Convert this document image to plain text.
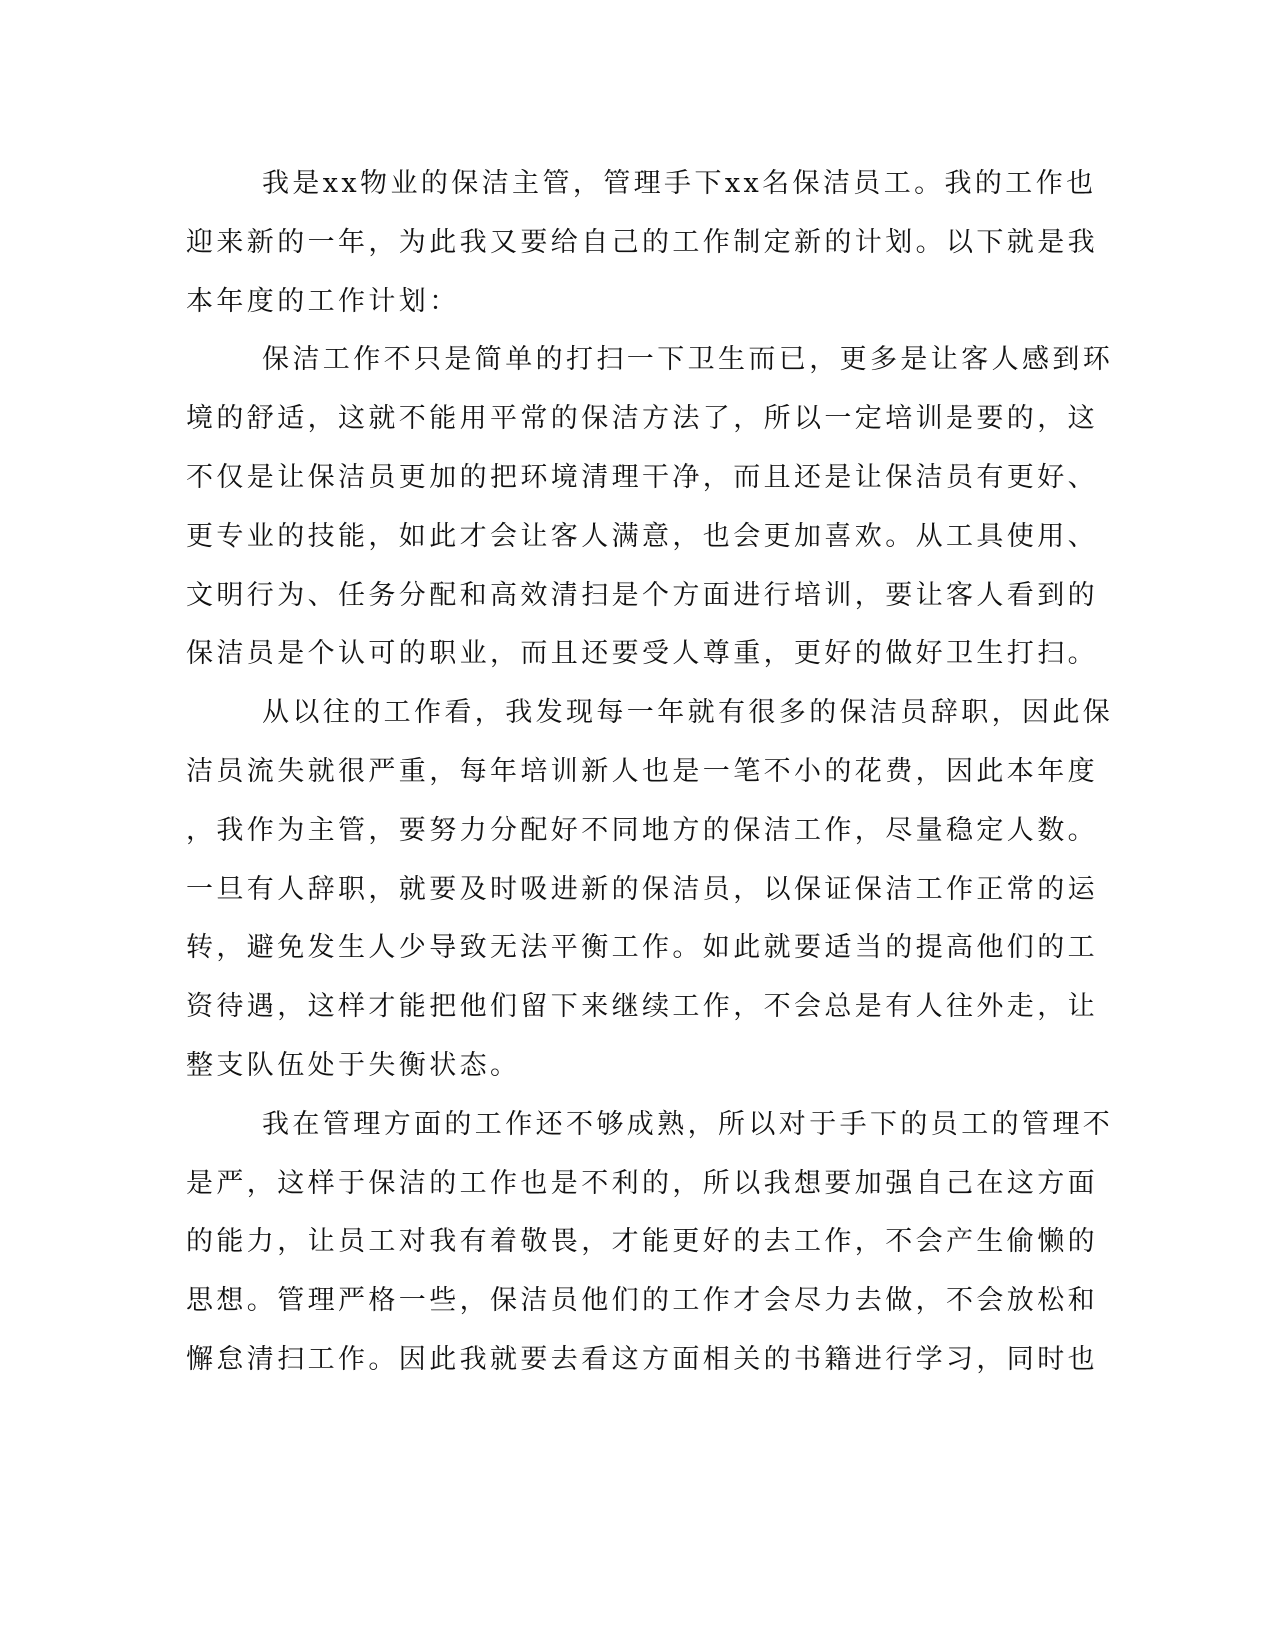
我是xx物业的保洁主管，管理手下xx名保洁员工。我的工作也
迎来新的一年，为此我又要给自己的工作制定新的计划。以下就是我
本年度的工作计划：
保洁工作不只是简单的打扫一下卫生而已，更多是让客人感到环
境的舒适，这就不能用平常的保洁方法了，所以一定培训是要的，这
不仅是让保洁员更加的把环境清理干净，而且还是让保洁员有更好、
更专业的技能，如此才会让客人满意，也会更加喜欢。从工具使用、
文明行为、任务分配和高效清扫是个方面进行培训，要让客人看到的
保洁员是个认可的职业，而且还要受人尊重，更好的做好卫生打扫。
从以往的工作看，我发现每一年就有很多的保洁员辞职，因此保
洁员流失就很严重，每年培训新人也是一笔不小的花费，因此本年度
，我作为主管，要努力分配好不同地方的保洁工作，尽量稳定人数。
一旦有人辞职，就要及时吸进新的保洁员，以保证保洁工作正常的运
转，避免发生人少导致无法平衡工作。如此就要适当的提高他们的工
资待遇，这样才能把他们留下来继续工作，不会总是有人往外走，让
整支队伍处于失衡状态。
我在管理方面的工作还不够成熟，所以对于手下的员工的管理不
是严，这样于保洁的工作也是不利的，所以我想要加强自己在这方面
的能力，让员工对我有着敬畏，才能更好的去工作，不会产生偷懒的
思想。管理严格一些，保洁员他们的工作才会尽力去做，不会放松和
懈怠清扫工作。因此我就要去看这方面相关的书籍进行学习，同时也
